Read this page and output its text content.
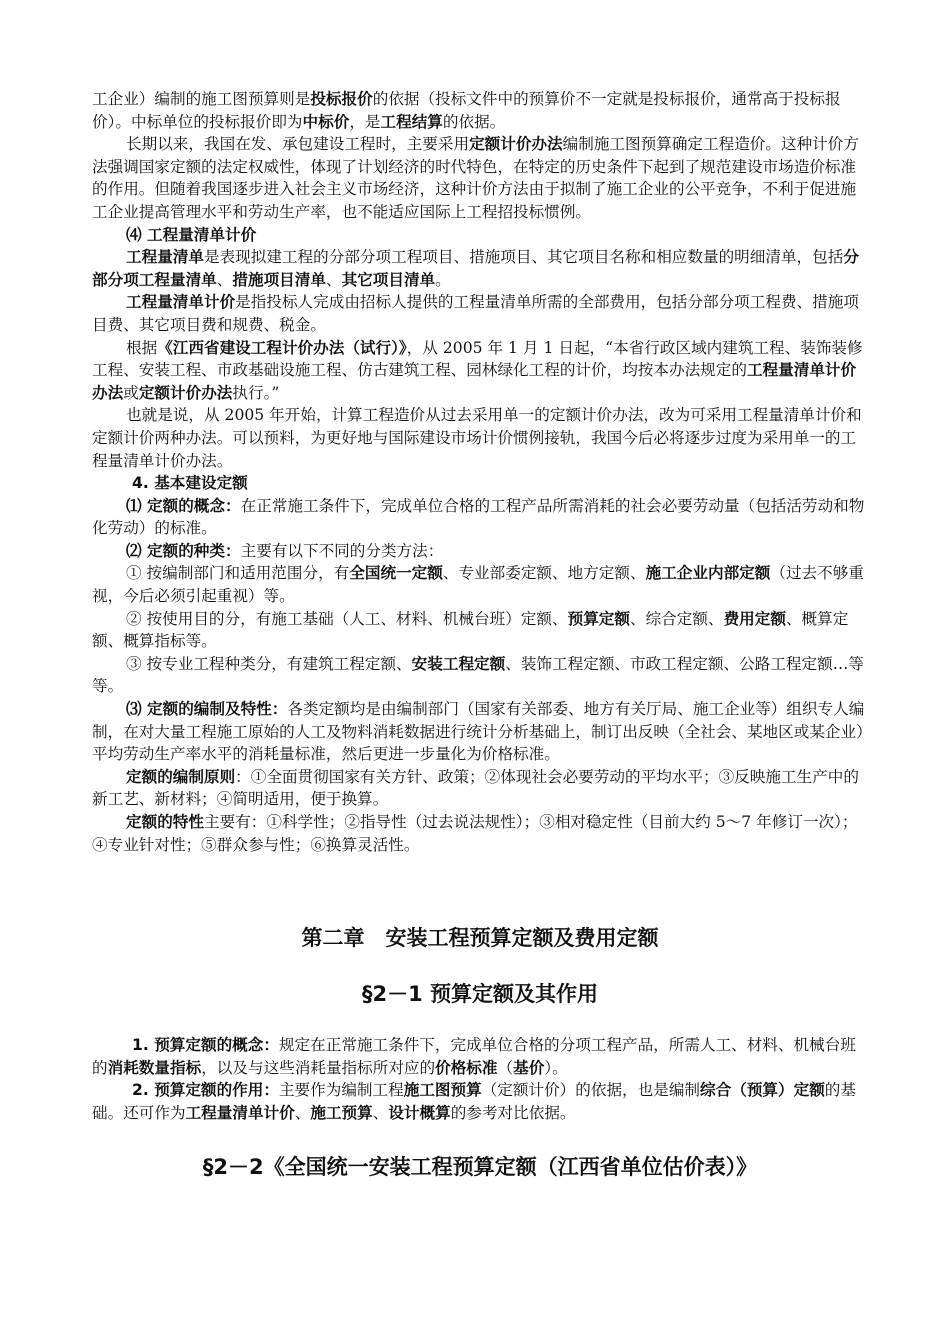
工企业）编制的施工图预算则是投标报价的依据（投标文件中的预算价不一定就是投标报价，通常高于投标报价）。中标单位的投标报价即为中标价，是工程结算的依据。

长期以来，我国在发、承包建设工程时，主要采用定额计价办法编制施工图预算确定工程造价。这种计价方法强调国家定额的法定权威性，体现了计划经济的时代特色，在特定的历史条件下起到了规范建设市场造价标准的作用。但随着我国逐步进入社会主义市场经济，这种计价方法由于拟制了施工企业的公平竞争，不利于促进施工企业提高管理水平和劳动生产率，也不能适应国际上工程招投标惯例。

⑷ 工程量清单计价

工程量清单是表现拟建工程的分部分项工程项目、措施项目、其它项目名称和相应数量的明细清单，包括分部分项工程量清单、措施项目清单、其它项目清单。

工程量清单计价是指投标人完成由招标人提供的工程量清单所需的全部费用，包括分部分项工程费、措施项目费、其它项目费和规费、税金。

根据《江西省建设工程计价办法（试行）》，从 2005 年 1 月 1 日起，“本省行政区域内建筑工程、装饰装修工程、安装工程、市政基础设施工程、仿古建筑工程、园林绿化工程的计价，均按本办法规定的工程量清单计价办法或定额计价办法执行。”

也就是说，从 2005 年开始，计算工程造价从过去采用单一的定额计价办法，改为可采用工程量清单计价和定额计价两种办法。可以预料，为更好地与国际建设市场计价惯例接轨，我国今后必将逐步过度为采用单一的工程量清单计价办法。

4. 基本建设定额

⑴ 定额的概念：在正常施工条件下，完成单位合格的工程产品所需消耗的社会必要劳动量（包括活劳动和物化劳动）的标准。

⑵ 定额的种类：主要有以下不同的分类方法：

① 按编制部门和适用范围分，有全国统一定额、专业部委定额、地方定额、施工企业内部定额（过去不够重视，今后必须引起重视）等。

② 按使用目的分，有施工基础（人工、材料、机械台班）定额、预算定额、综合定额、费用定额、概算定额、概算指标等。

③ 按专业工程种类分，有建筑工程定额、安装工程定额、装饰工程定额、市政工程定额、公路工程定额…等等。

⑶ 定额的编制及特性：各类定额均是由编制部门（国家有关部委、地方有关厅局、施工企业等）组织专人编制，在对大量工程施工原始的人工及物料消耗数据进行统计分析基础上，制订出反映（全社会、某地区或某企业）平均劳动生产率水平的消耗量标准，然后更进一步量化为价格标准。

定额的编制原则：①全面贯彻国家有关方针、政策；②体现社会必要劳动的平均水平；③反映施工生产中的新工艺、新材料；④简明适用，便于换算。

定额的特性主要有：①科学性；②指导性（过去说法规性）；③相对稳定性（目前大约 5～7 年修订一次）；④专业针对性；⑤群众参与性；⑥换算灵活性。

第二章　安装工程预算定额及费用定额
§2－1 预算定额及其作用

1. 预算定额的概念：规定在正常施工条件下，完成单位合格的分项工程产品，所需人工、材料、机械台班的消耗数量指标，以及与这些消耗量指标所对应的价格标准（基价）。

2. 预算定额的作用：主要作为编制工程施工图预算（定额计价）的依据，也是编制综合（预算）定额的基础。还可作为工程量清单计价、施工预算、设计概算的参考对比依据。

§2－2《全国统一安装工程预算定额（江西省单位估价表）》
